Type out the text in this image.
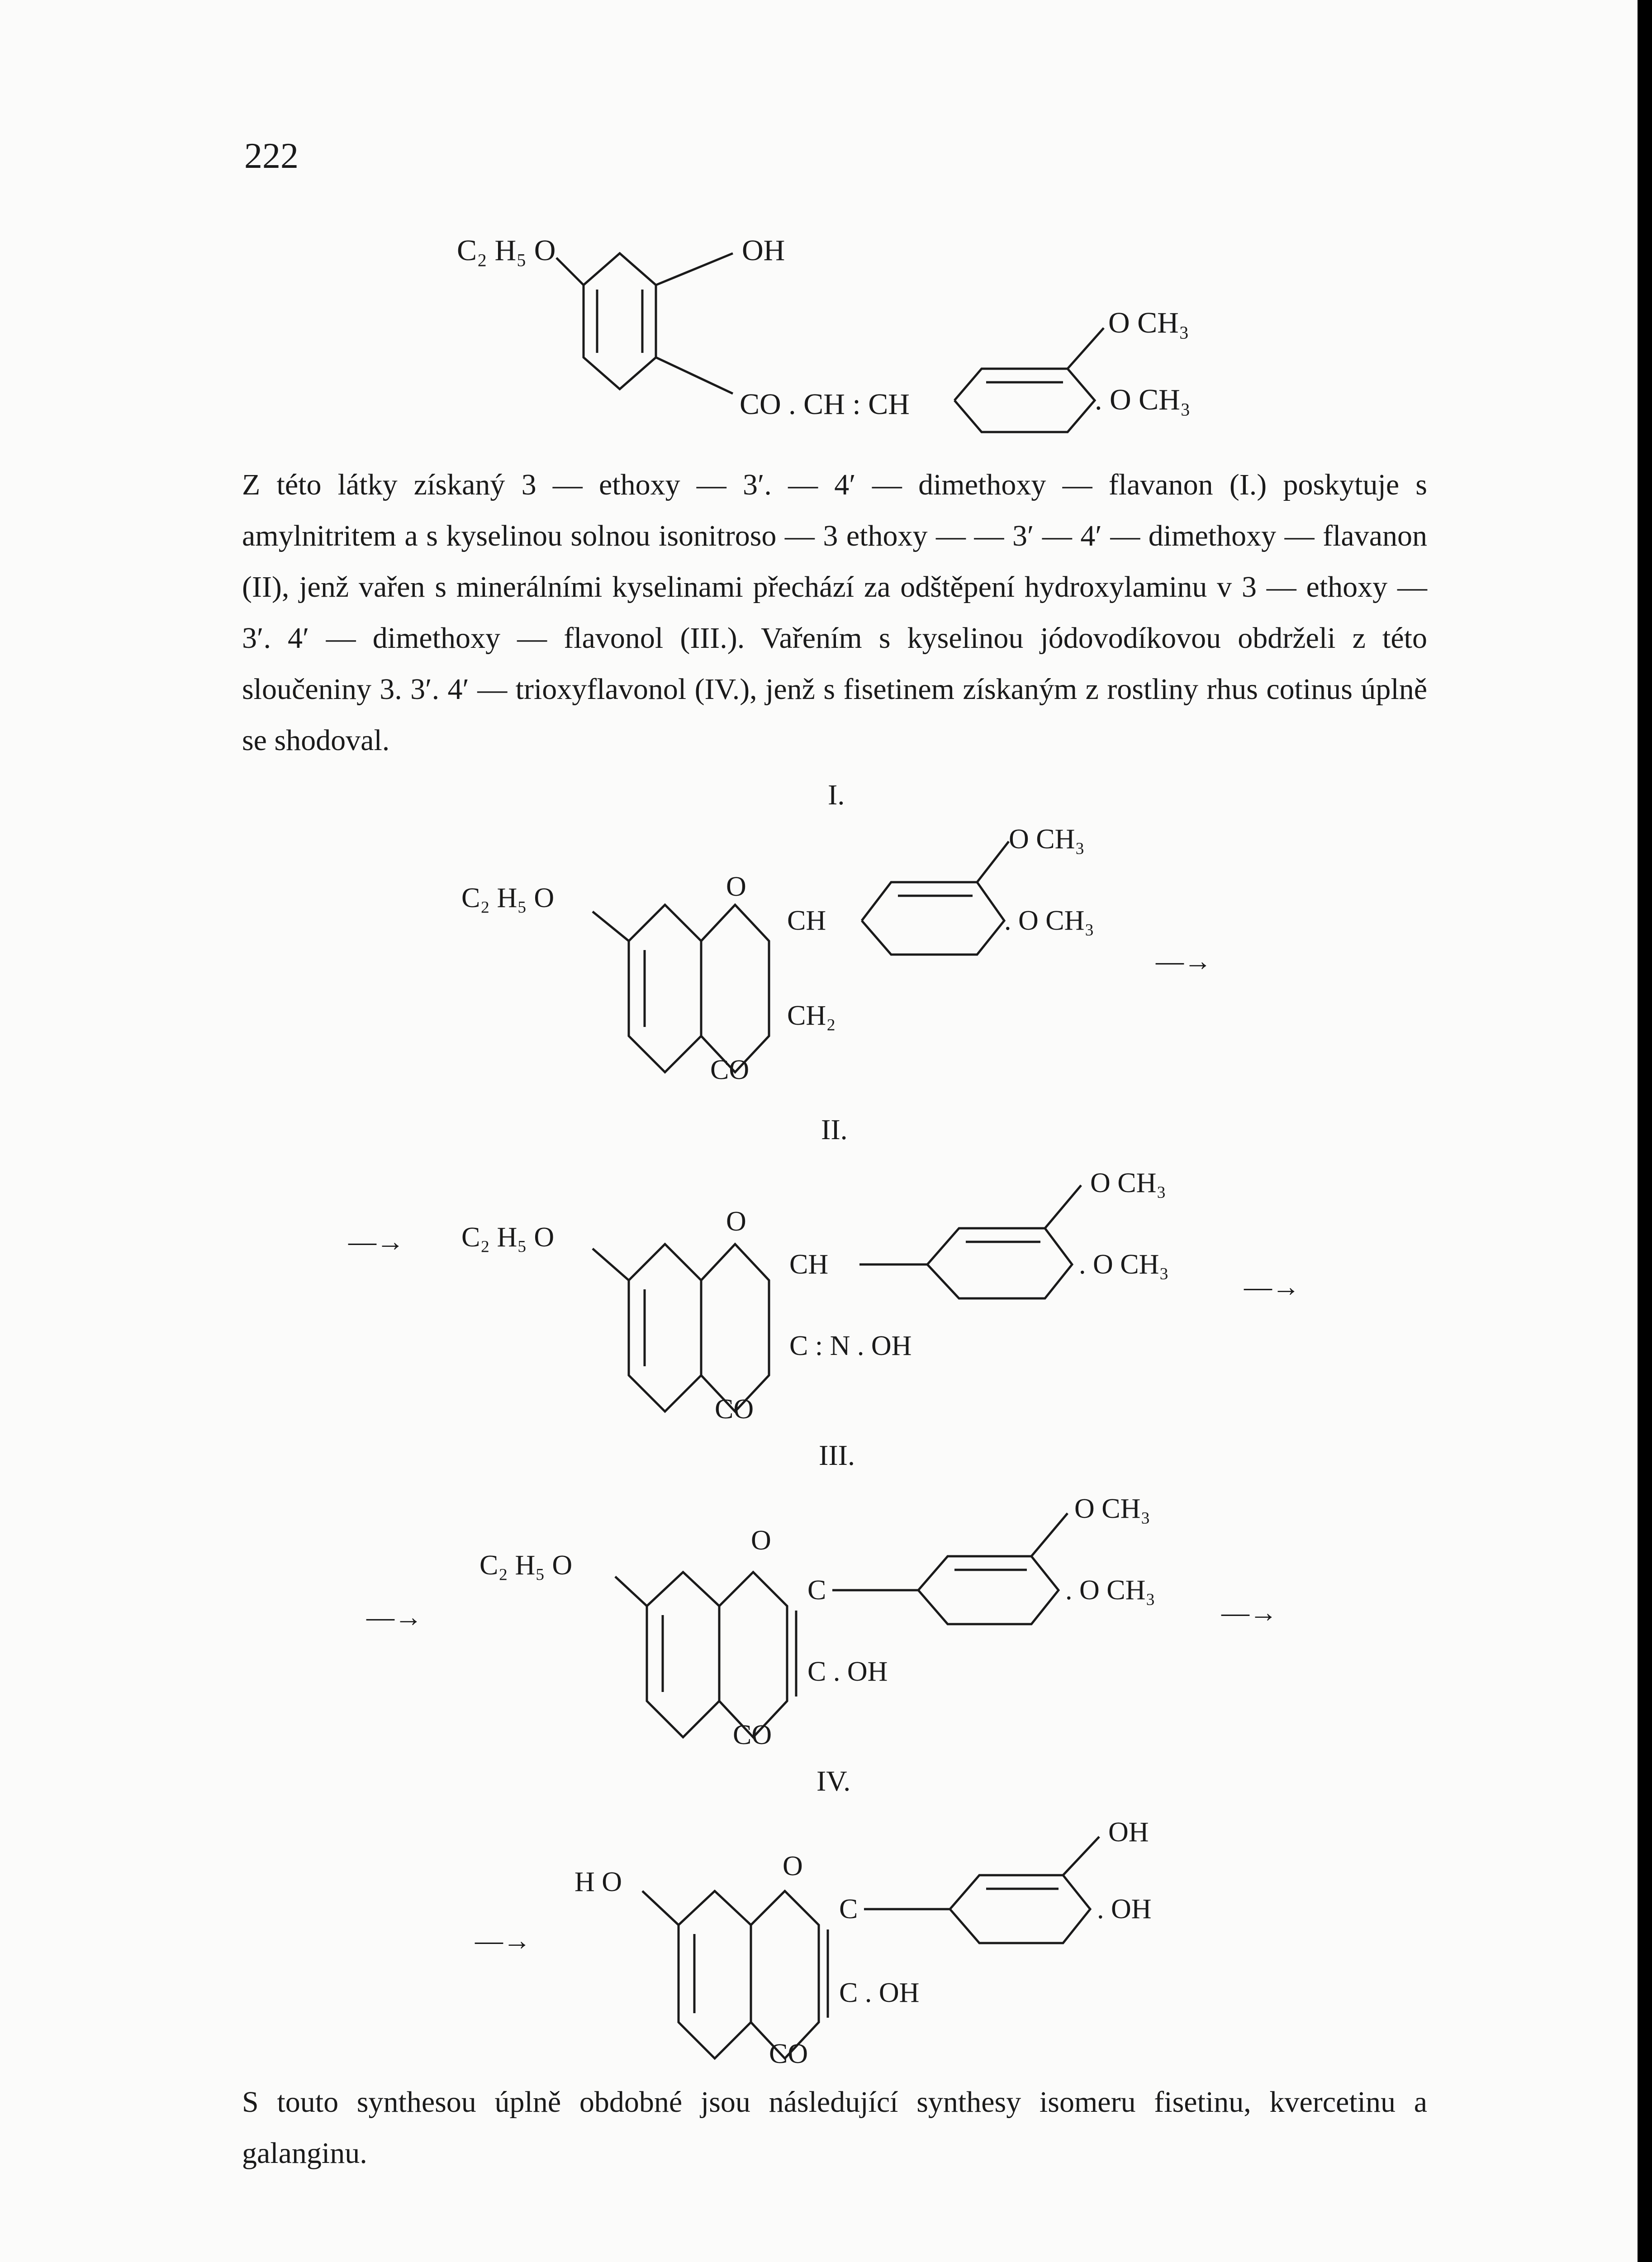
222
C₂ H₅ O	OH
CO . CH : CH
O CH₃
. O CH₃
Z této látky získaný 3 — ethoxy — 3′. — 4′ — dimethoxy — flavanon (I.) poskytuje s amylnitritem a s kyselinou solnou isonitroso — 3 ethoxy — — 3′ — 4′ — dimethoxy — flavanon (II), jenž vařen s minerálními kyselinami přechází za odštěpení hydroxylaminu v 3 — ethoxy — 3′. 4′ — dimethoxy — flavonol (III.). Vařením s kyselinou jódovodíkovou obdrželi z této sloučeniny 3. 3′. 4′ — trioxyflavonol (IV.), jenž s fisetinem získaným z rostliny rhus cotinus úplně se shodoval.
I.
C₂ H₅ O	O
CH
CH₂
CO
O CH₃
. O CH₃
—→
II.
—→ C₂ H₅ O
O
CH
C : N . OH
CO
O CH₃
. O CH₃
—→
III.
—→
C₂ H₅ O
O
C
C . OH
CO
O CH₃
. O CH₃
—→
IV.
—→
H O
O
C
C . OH
CO
OH
. OH
S touto synthesou úplně obdobné jsou následující synthesy isomeru fisetinu, kvercetinu a galanginu.
